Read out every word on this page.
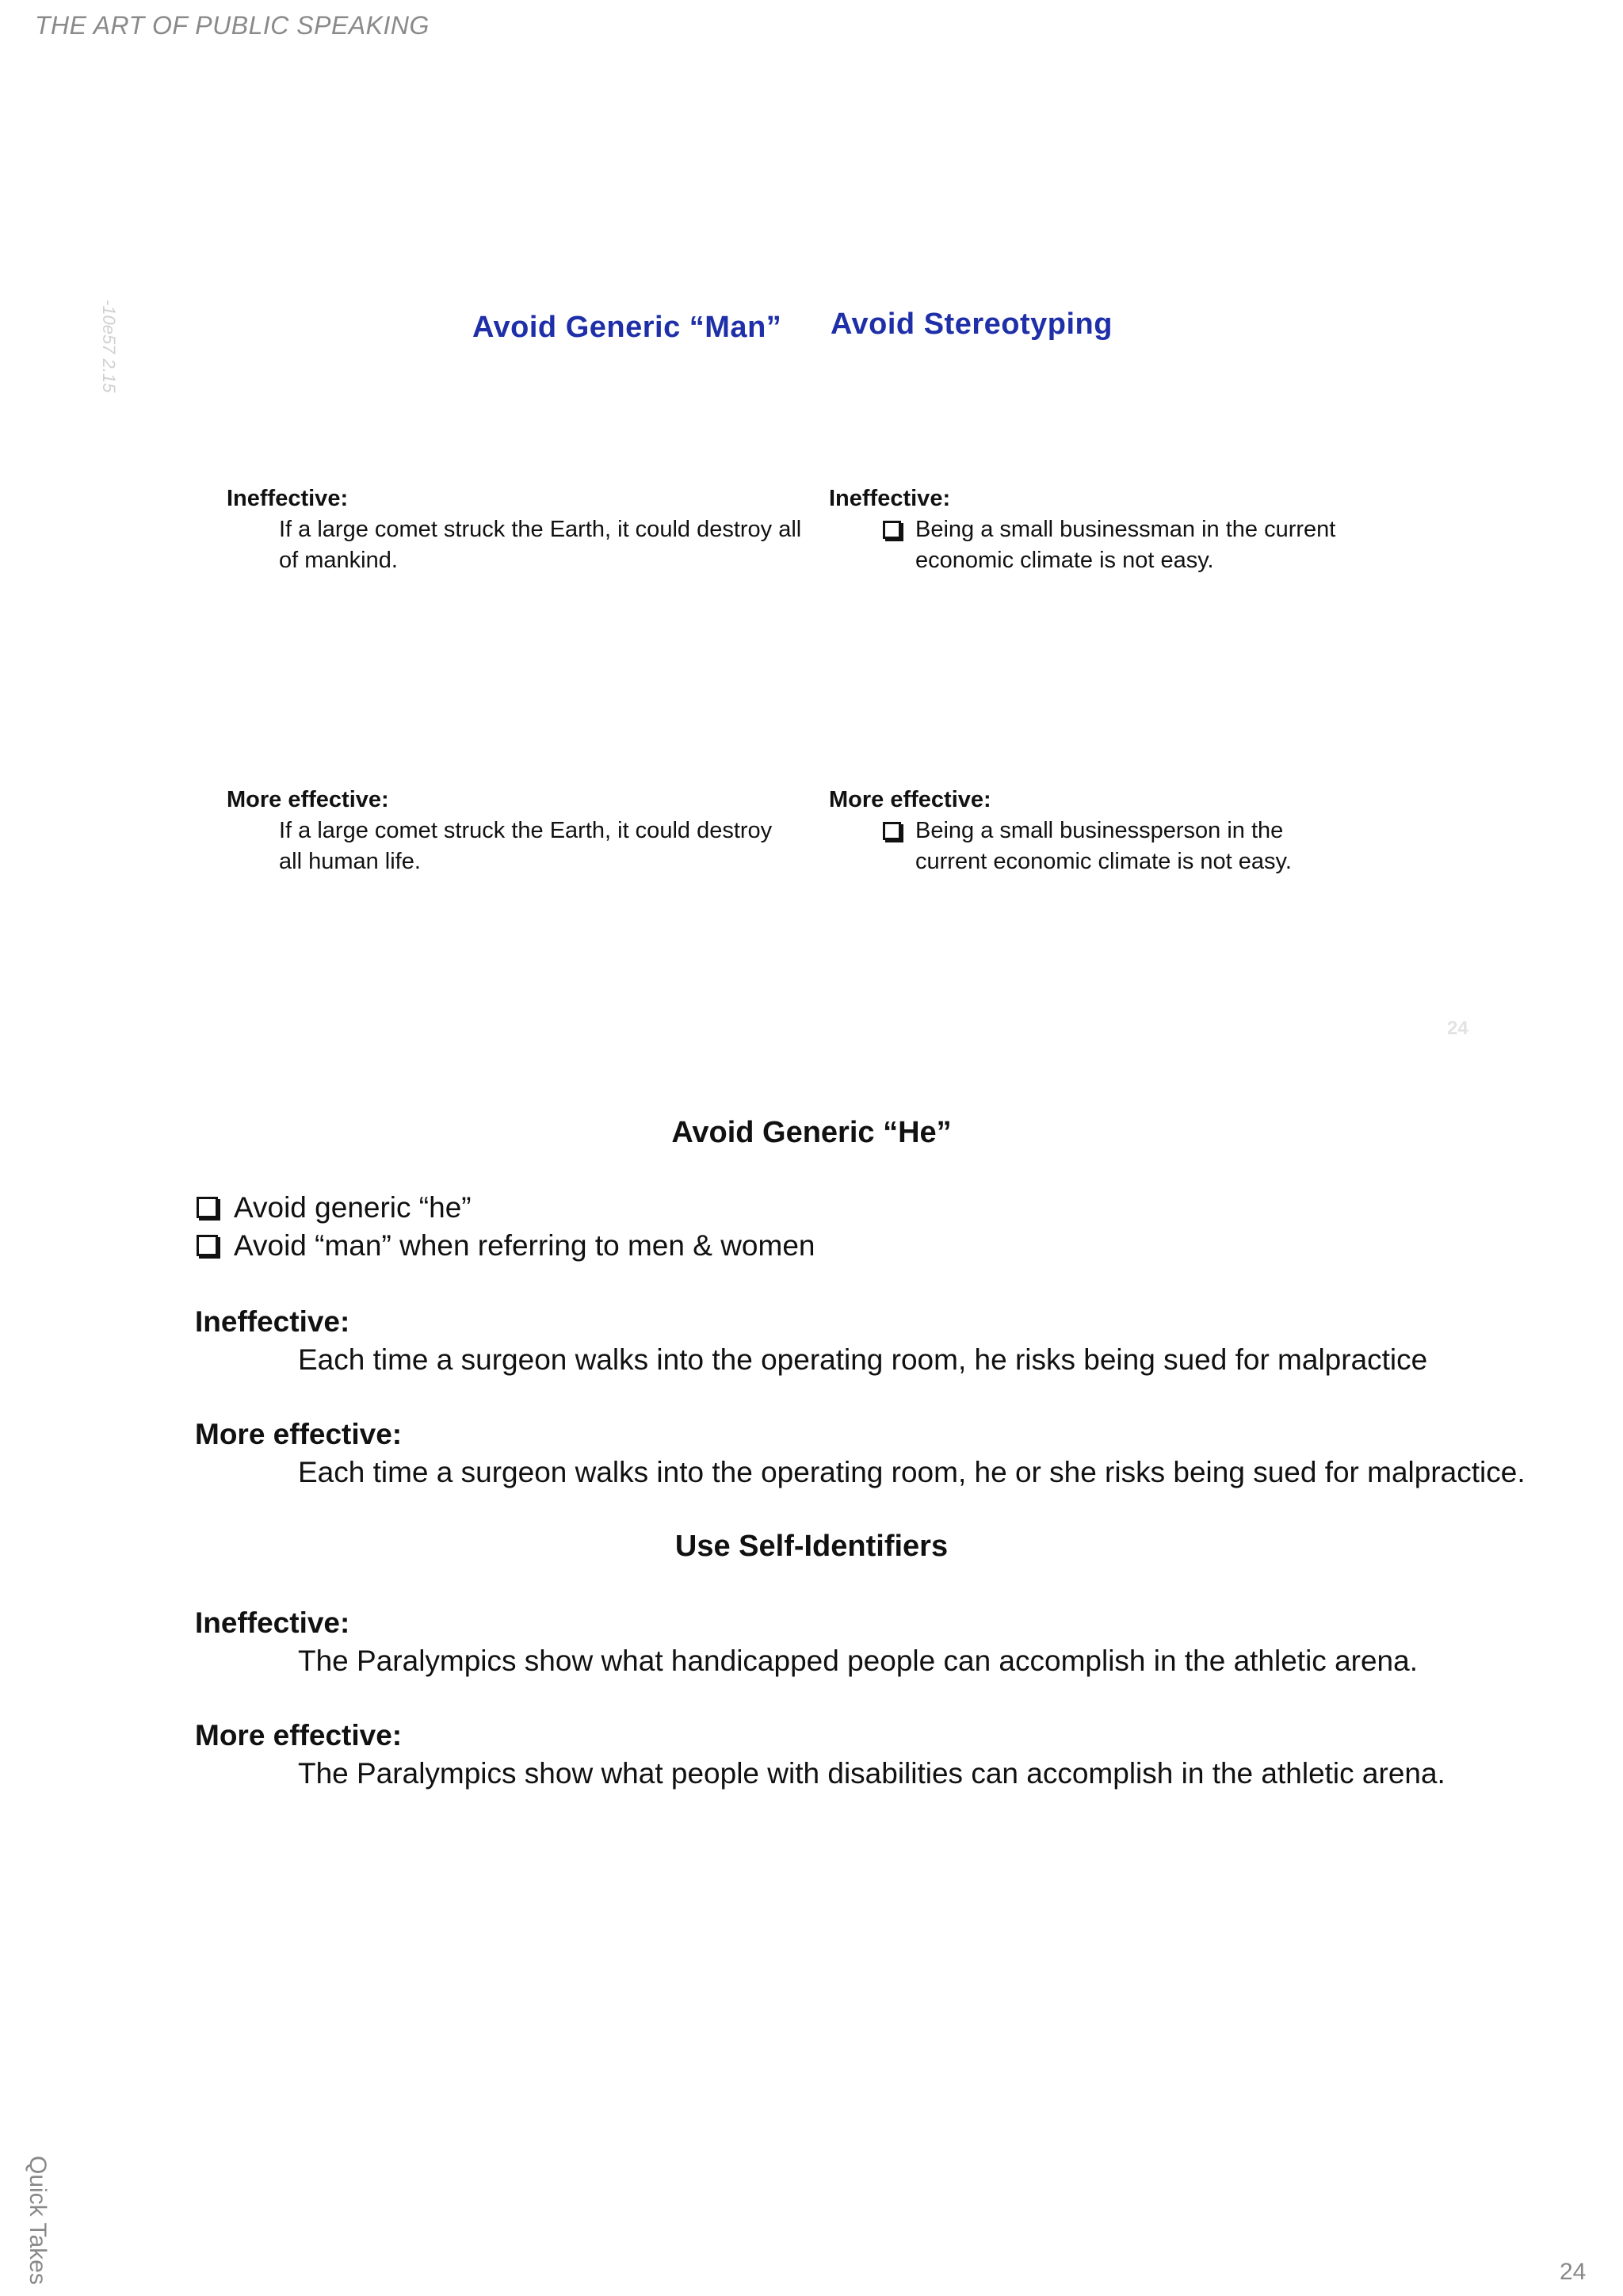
THE ART OF PUBLIC SPEAKING
-10e57 2.15	Avoid Generic “Man”
Ineffective:
If a large comet struck the Earth, it could destroy all of mankind.
More effective:
If a large comet struck the Earth, it could destroy all human life.
Avoid Stereotyping
Ineffective:
Being a small businessman in the current economic climate is not easy.
More effective:
Being a small businessperson in the current economic climate is not easy.
24
Avoid Generic “He”
Avoid generic “he”
Avoid “man” when referring to men & women
Ineffective:
Each time a surgeon walks into the operating room, he risks being sued for malpractice
More effective:
Each time a surgeon walks into the operating room, he or she risks being sued for malpractice.
Use Self-Identifiers
Ineffective:
The Paralympics show what handicapped people can accomplish in the athletic arena.
More effective:
The Paralympics show what people with disabilities can accomplish in the athletic arena.
Quick Takes	24
